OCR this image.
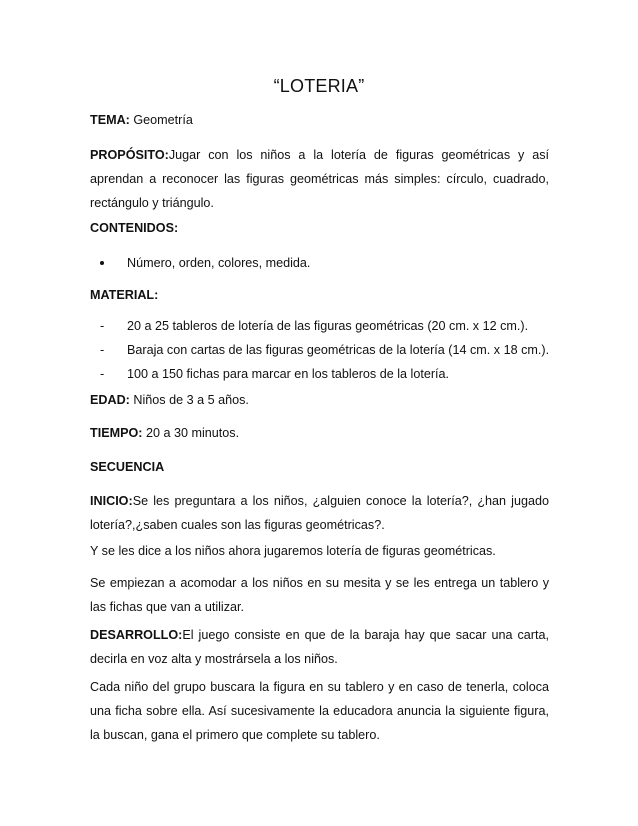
“LOTERIA”

TEMA: Geometría

PROPÓSITO:Jugar con los niños a la lotería de figuras geométricas y así aprendan a reconocer las figuras geométricas más simples: círculo, cuadrado, rectángulo y triángulo.

CONTENIDOS:

Número, orden, colores, medida.

MATERIAL:

- 20 a 25 tableros de lotería de las figuras geométricas (20 cm. x 12 cm.).
- Baraja con cartas de las figuras geométricas de la lotería (14 cm. x 18 cm.).
- 100 a 150 fichas para marcar en los tableros de la lotería.

EDAD: Niños de 3 a 5 años.

TIEMPO: 20 a 30 minutos.

SECUENCIA

INICIO:Se les preguntara a los niños, ¿alguien conoce la lotería?, ¿han jugado lotería?,¿saben cuales son las figuras geométricas?.

Y se les dice a los niños ahora jugaremos lotería de figuras geométricas.

Se empiezan a acomodar a los niños en su mesita y se les entrega un tablero y las fichas que van a utilizar.

DESARROLLO:El juego consiste en que de la baraja hay que sacar una carta, decirla en voz alta y mostrársela a los niños.

Cada niño del grupo buscara la figura en su tablero y en caso de tenerla, coloca una ficha sobre ella. Así sucesivamente la educadora anuncia la siguiente figura, la buscan, gana el primero que complete su tablero.
